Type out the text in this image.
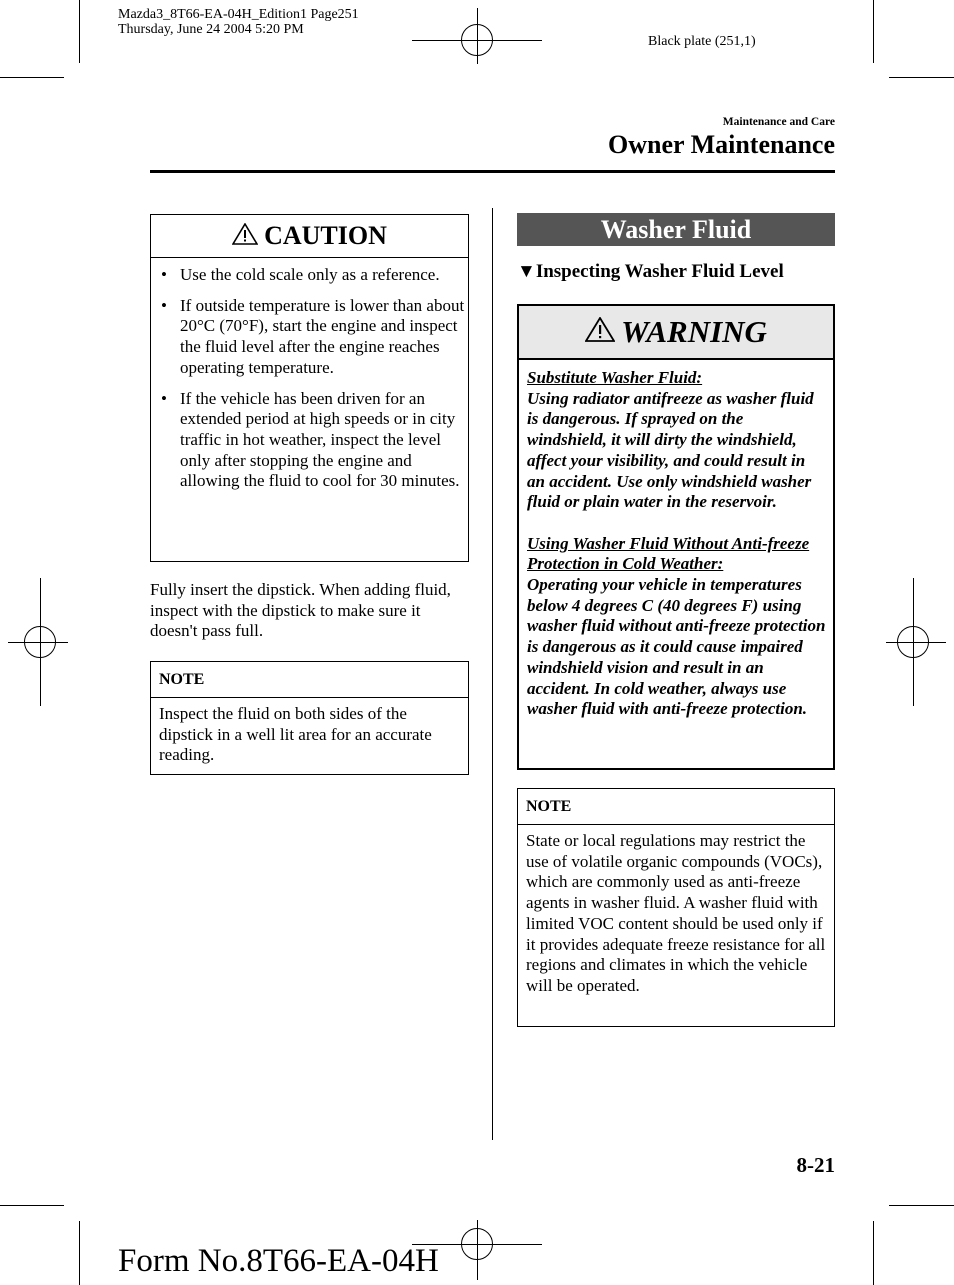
Mazda3_8T66-EA-04H_Edition1 Page251
Thursday, June 24 2004 5:20 PM
Black plate (251,1)
Maintenance and Care
Owner Maintenance
CAUTION
• Use the cold scale only as a reference.
• If outside temperature is lower than about 20°C (70°F), start the engine and inspect the fluid level after the engine reaches operating temperature.
• If the vehicle has been driven for an extended period at high speeds or in city traffic in hot weather, inspect the level only after stopping the engine and allowing the fluid to cool for 30 minutes.
Fully insert the dipstick. When adding fluid, inspect with the dipstick to make sure it doesn't pass full.
NOTE
Inspect the fluid on both sides of the dipstick in a well lit area for an accurate reading.
Washer Fluid
▼Inspecting Washer Fluid Level
WARNING
Substitute Washer Fluid:
Using radiator antifreeze as washer fluid is dangerous. If sprayed on the windshield, it will dirty the windshield, affect your visibility, and could result in an accident. Use only windshield washer fluid or plain water in the reservoir.
Using Washer Fluid Without Anti-freeze Protection in Cold Weather:
Operating your vehicle in temperatures below 4 degrees C (40 degrees F) using washer fluid without anti-freeze protection is dangerous as it could cause impaired windshield vision and result in an accident. In cold weather, always use washer fluid with anti-freeze protection.
NOTE
State or local regulations may restrict the use of volatile organic compounds (VOCs), which are commonly used as anti-freeze agents in washer fluid. A washer fluid with limited VOC content should be used only if it provides adequate freeze resistance for all regions and climates in which the vehicle will be operated.
8-21
Form No.8T66-EA-04H
